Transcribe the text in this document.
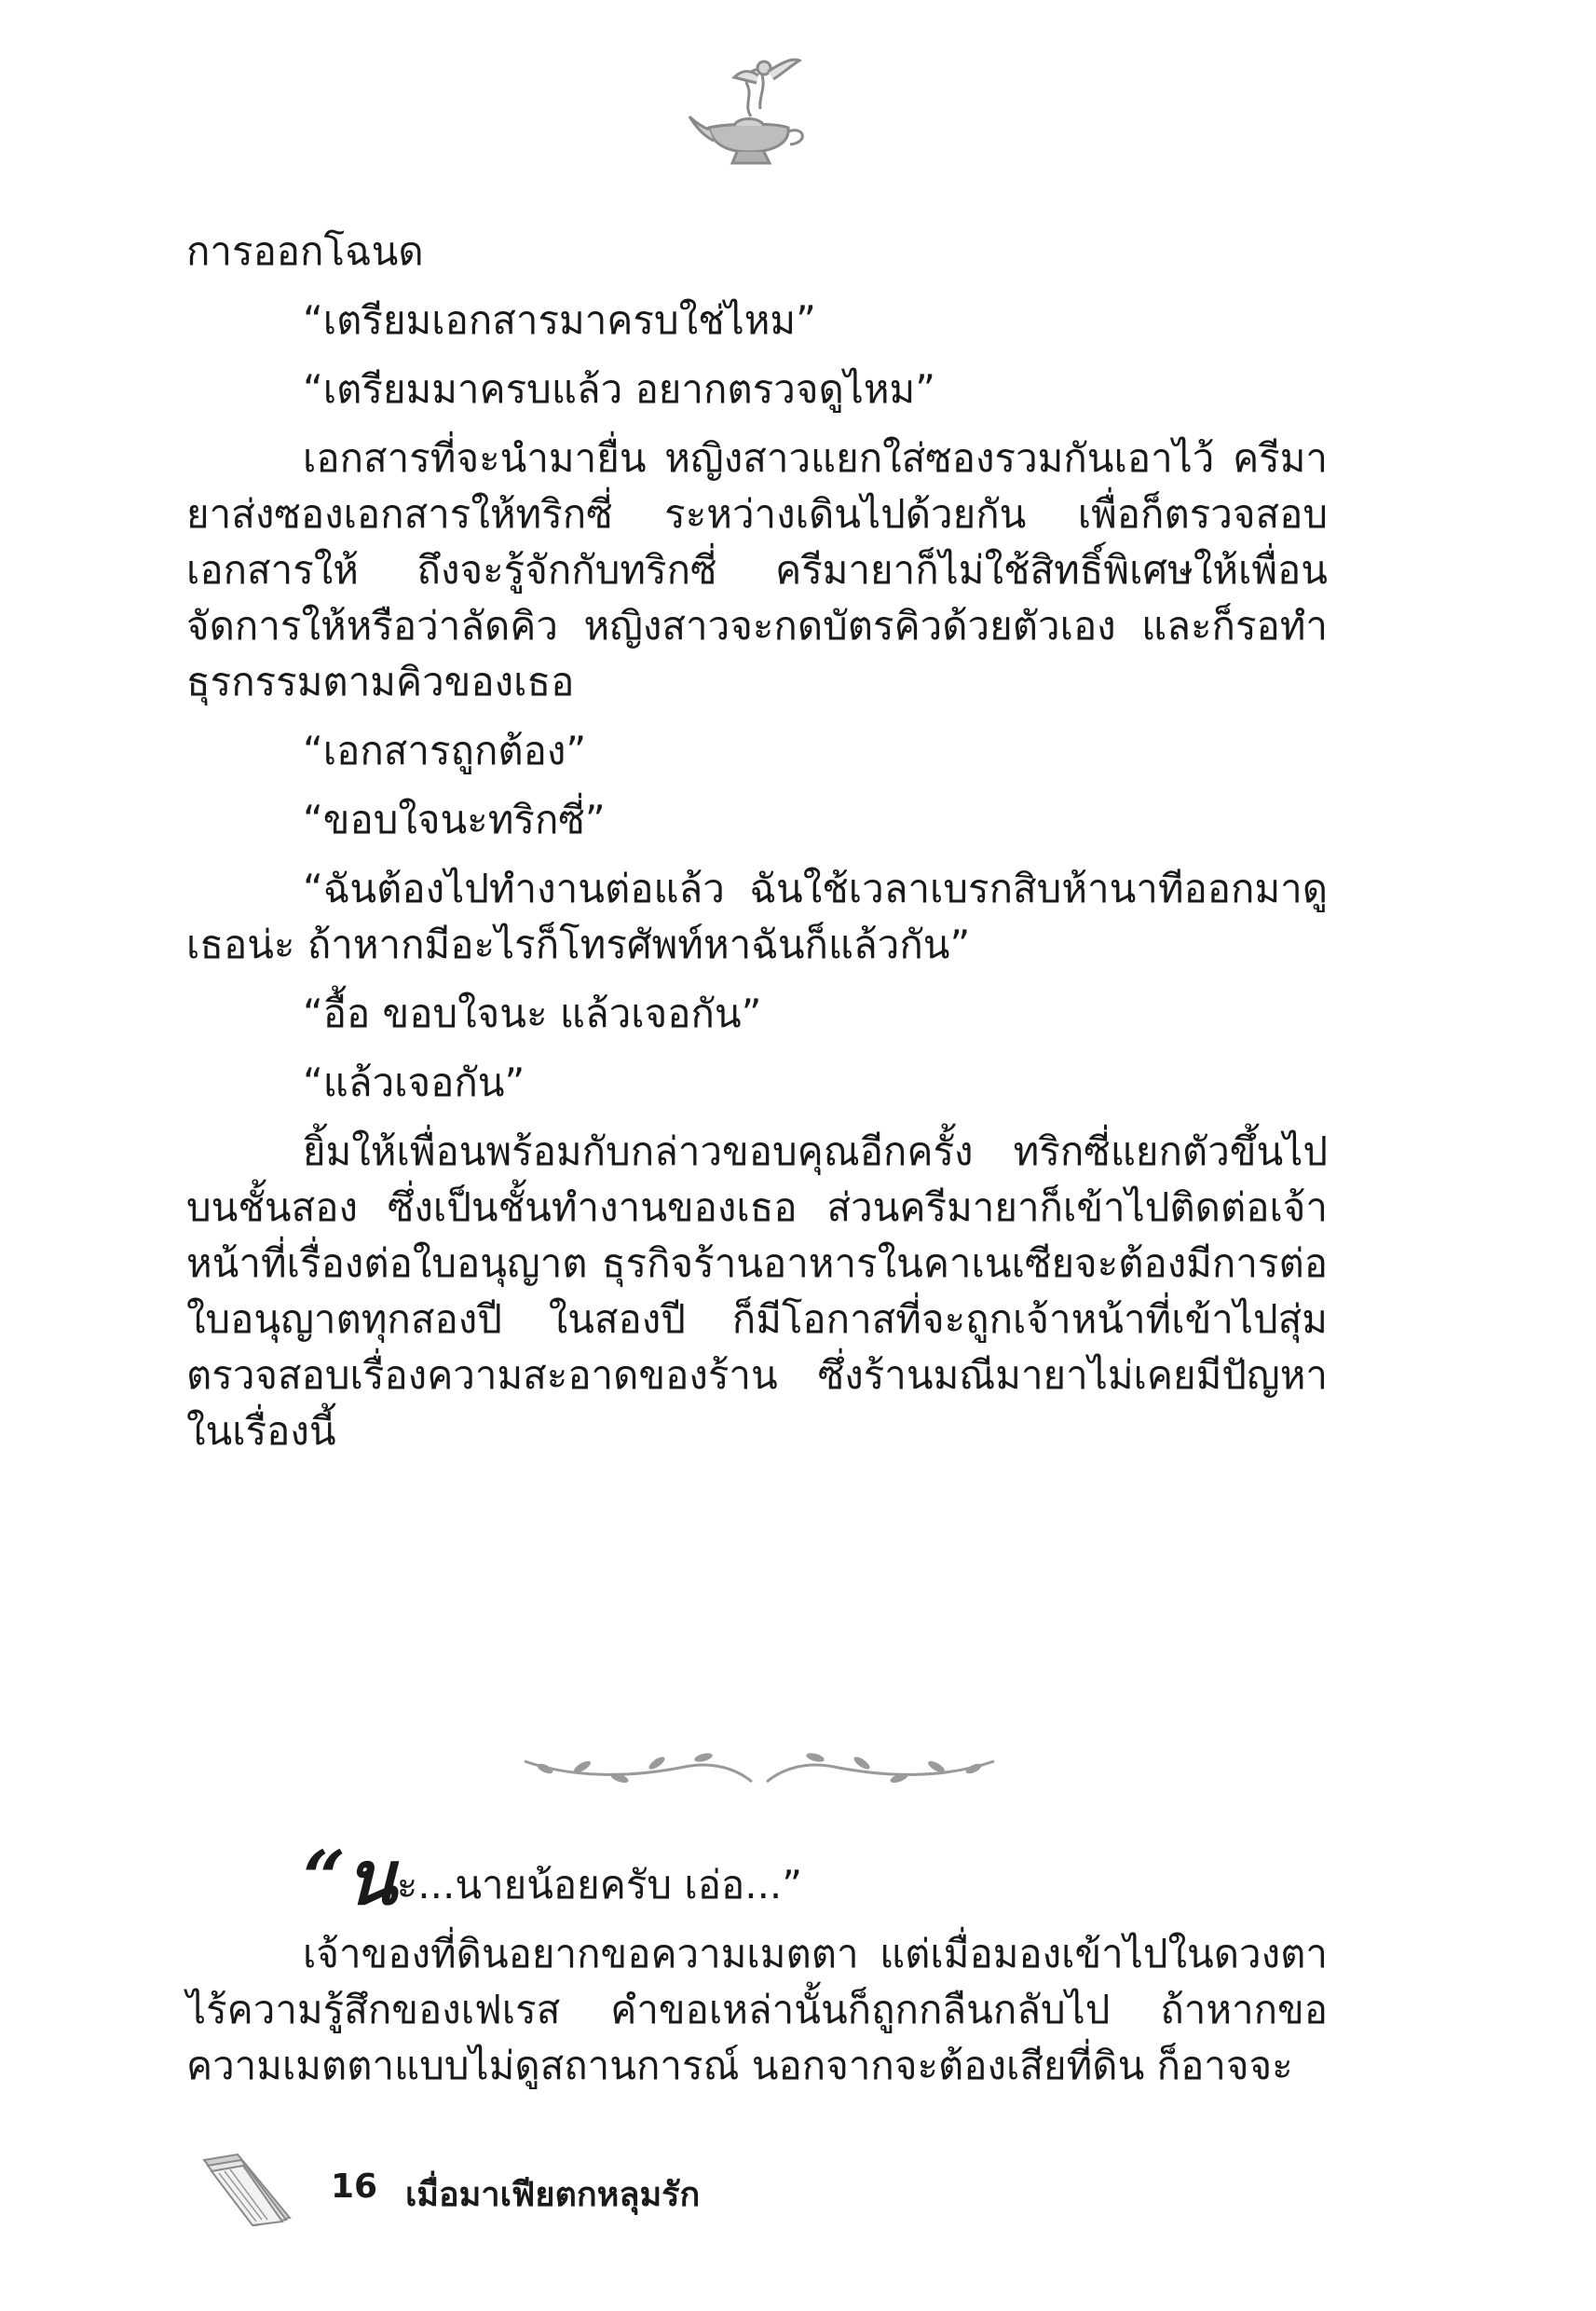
การออกโฉนด

“เตรียมเอกสารมาครบใช่ไหม”

“เตรียมมาครบแล้ว อยากตรวจดูไหม”

เอกสารที่จะนำมายื่น หญิงสาวแยกใส่ซองรวมกันเอาไว้ ครีมายาส่งซองเอกสารให้ทริกซี่ ระหว่างเดินไปด้วยกัน เพื่อก็ตรวจสอบเอกสารให้ ถึงจะรู้จักกับทริกซี่ ครีมายาก็ไม่ใช้สิทธิ์พิเศษให้เพื่อนจัดการให้หรือว่าลัดคิว หญิงสาวจะกดบัตรคิวด้วยตัวเอง และก็รอทำธุรกรรมตามคิวของเธอ

“เอกสารถูกต้อง”

“ขอบใจนะทริกซี่”

“ฉันต้องไปทำงานต่อแล้ว ฉันใช้เวลาเบรกสิบห้านาทีออกมาดูเธอน่ะ ถ้าหากมีอะไรก็โทรศัพท์หาฉันก็แล้วกัน”

“อื้อ ขอบใจนะ แล้วเจอกัน”

“แล้วเจอกัน”

ยิ้มให้เพื่อนพร้อมกับกล่าวขอบคุณอีกครั้ง ทริกซี่แยกตัวขึ้นไปบนชั้นสอง ซึ่งเป็นชั้นทำงานของเธอ ส่วนครีมายาก็เข้าไปติดต่อเจ้าหน้าที่เรื่องต่อใบอนุญาต ธุรกิจร้านอาหารในคาเนเซียจะต้องมีการต่อใบอนุญาตทุกสองปี ในสองปี ก็มีโอกาสที่จะถูกเจ้าหน้าที่เข้าไปสุ่มตรวจสอบเรื่องความสะอาดของร้าน ซึ่งร้านมณีมายาไม่เคยมีปัญหาในเรื่องนี้

“นะ...นายน้อยครับ เอ่อ...”

เจ้าของที่ดินอยากขอความเมตตา แต่เมื่อมองเข้าไปในดวงตาไร้ความรู้สึกของเฟเรส คำขอเหล่านั้นก็ถูกกลืนกลับไป ถ้าหากขอความเมตตาแบบไม่ดูสถานการณ์ นอกจากจะต้องเสียที่ดิน ก็อาจจะ

16 เมื่อมาเฟียตกหลุมรัก
